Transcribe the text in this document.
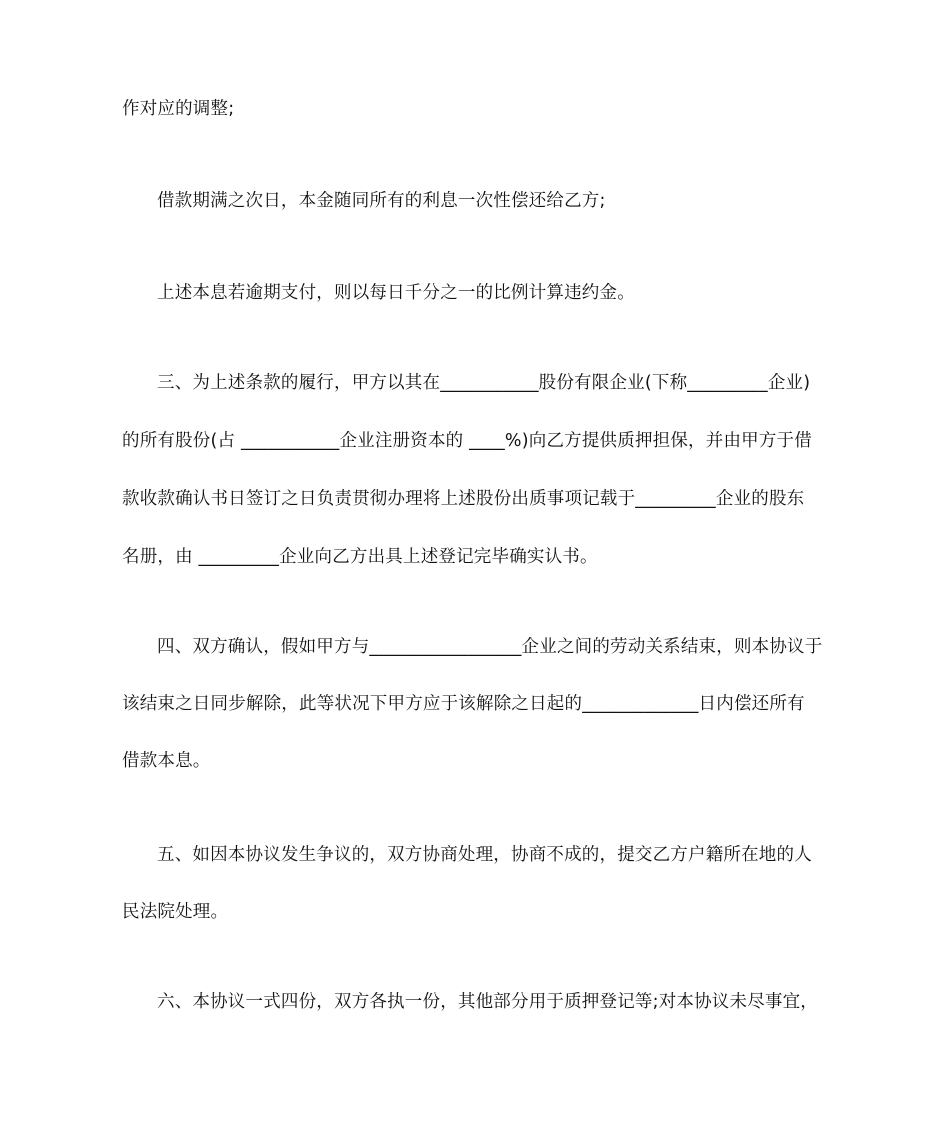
作对应的调整;
借款期满之次日，本金随同所有的利息一次性偿还给乙方;
上述本息若逾期支付，则以每日千分之一的比例计算违约金。
三、为上述条款的履行，甲方以其在___________股份有限企业(下称_________企业)
的所有股份(占 ___________企业注册资本的 ____%)向乙方提供质押担保，并由甲方于借
款收款确认书日签订之日负责贯彻办理将上述股份出质事项记载于_________企业的股东
名册，由 _________企业向乙方出具上述登记完毕确实认书。
四、双方确认，假如甲方与_________________企业之间的劳动关系结束，则本协议于
该结束之日同步解除，此等状况下甲方应于该解除之日起的_____________日内偿还所有
借款本息。
五、如因本协议发生争议的，双方协商处理，协商不成的，提交乙方户籍所在地的人
民法院处理。
六、本协议一式四份，双方各执一份，其他部分用于质押登记等;对本协议未尽事宜，
